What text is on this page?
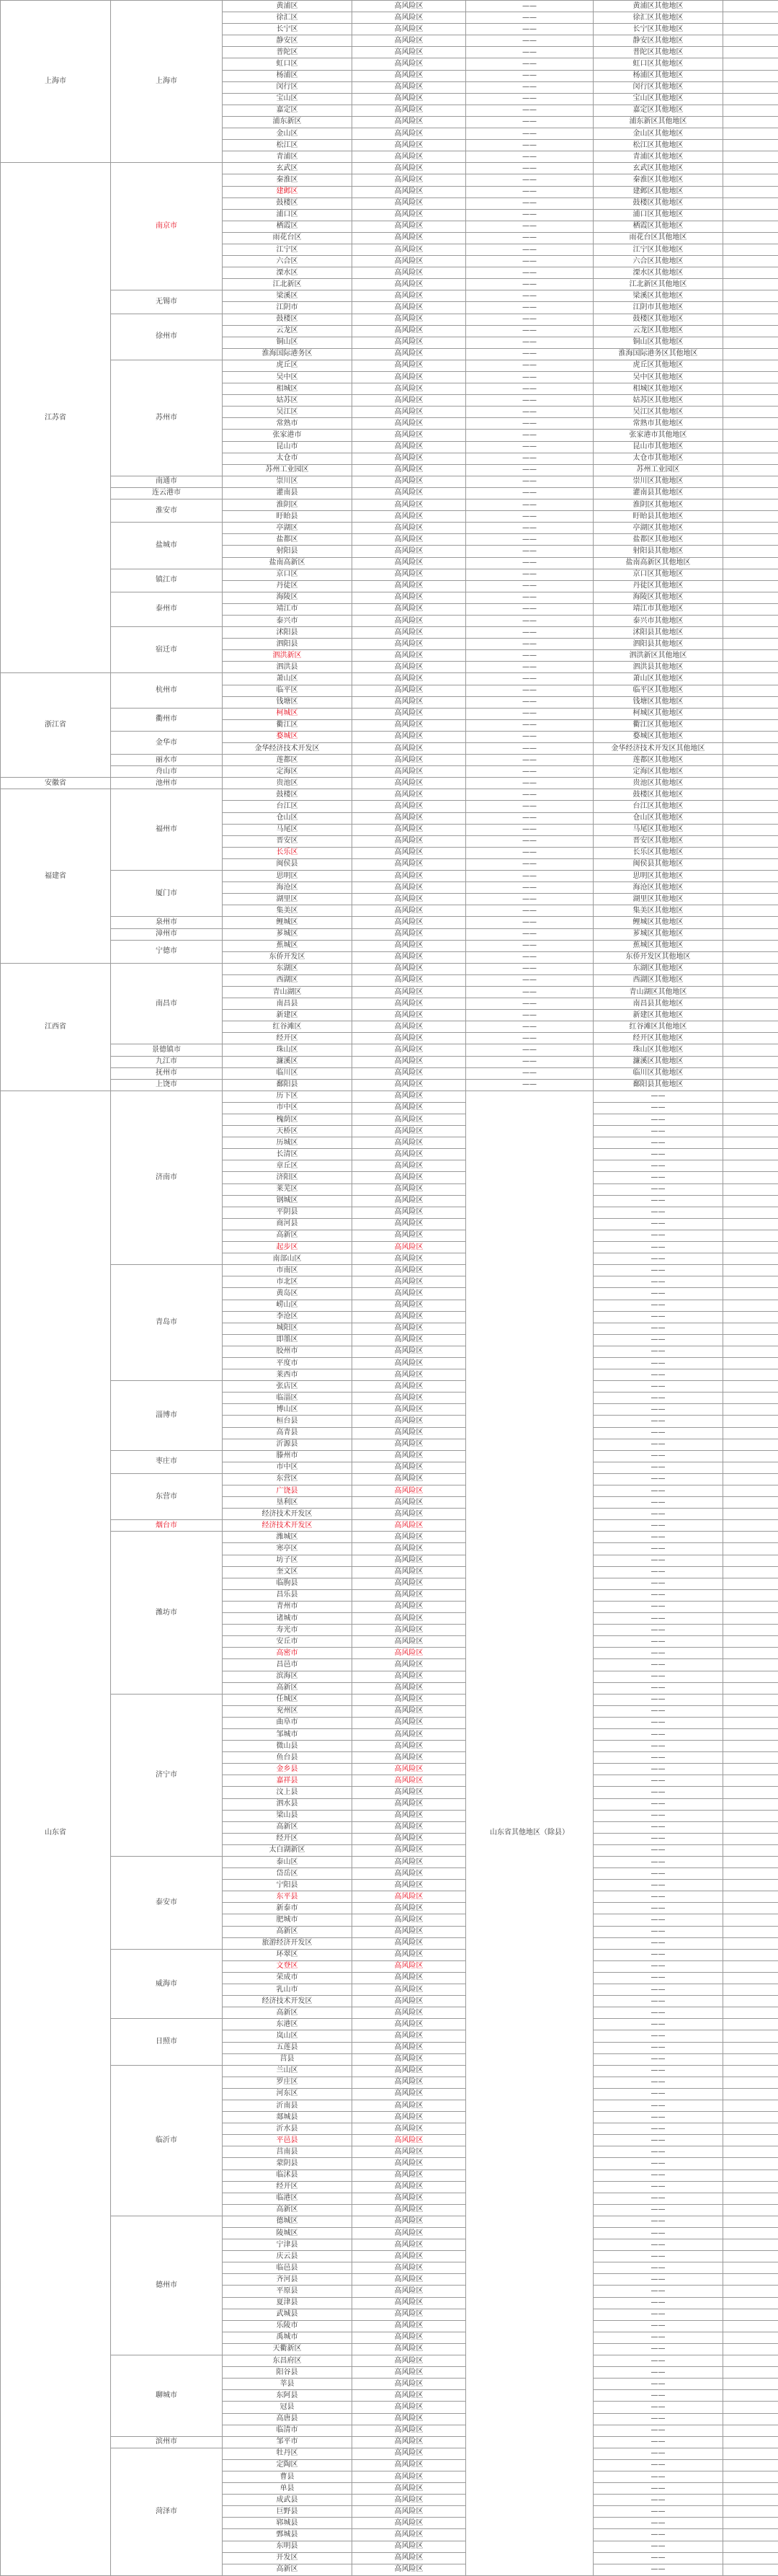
上海市	上海市	黄浦区	高风险区	——	黄浦区其他地区	
		徐汇区	高风险区	——	徐汇区其他地区	
		长宁区	高风险区	——	长宁区其他地区	
		静安区	高风险区	——	静安区其他地区	
		普陀区	高风险区	——	普陀区其他地区	
		虹口区	高风险区	——	虹口区其他地区	
		杨浦区	高风险区	——	杨浦区其他地区	
		闵行区	高风险区	——	闵行区其他地区	
		宝山区	高风险区	——	宝山区其他地区	
		嘉定区	高风险区	——	嘉定区其他地区	
		浦东新区	高风险区	——	浦东新区其他地区	
		金山区	高风险区	——	金山区其他地区	
		松江区	高风险区	——	松江区其他地区	
		青浦区	高风险区	——	青浦区其他地区	
江苏省	南京市	玄武区	高风险区	——	玄武区其他地区	
		秦淮区	高风险区	——	秦淮区其他地区	
		建邺区	高风险区	——	建邺区其他地区	
		鼓楼区	高风险区	——	鼓楼区其他地区	
		浦口区	高风险区	——	浦口区其他地区	
		栖霞区	高风险区	——	栖霞区其他地区	
		雨花台区	高风险区	——	雨花台区其他地区	
		江宁区	高风险区	——	江宁区其他地区	
		六合区	高风险区	——	六合区其他地区	
		溧水区	高风险区	——	溧水区其他地区	
		江北新区	高风险区	——	江北新区其他地区	
	无锡市	梁溪区	高风险区	——	梁溪区其他地区	
		江阴市	高风险区	——	江阴市其他地区	
	徐州市	鼓楼区	高风险区	——	鼓楼区其他地区	
		云龙区	高风险区	——	云龙区其他地区	
		铜山区	高风险区	——	铜山区其他地区	
		淮海国际港务区	高风险区	——	淮海国际港务区其他地区	
	苏州市	虎丘区	高风险区	——	虎丘区其他地区	
		吴中区	高风险区	——	吴中区其他地区	
		相城区	高风险区	——	相城区其他地区	
		姑苏区	高风险区	——	姑苏区其他地区	
		吴江区	高风险区	——	吴江区其他地区	
		常熟市	高风险区	——	常熟市其他地区	
		张家港市	高风险区	——	张家港市其他地区	
		昆山市	高风险区	——	昆山市其他地区	
		太仓市	高风险区	——	太仓市其他地区	
		苏州工业园区	高风险区	——	苏州工业园区	
	南通市	崇川区	高风险区	——	崇川区其他地区	
	连云港市	灌南县	高风险区	——	灌南县其他地区	
	淮安市	淮阴区	高风险区	——	淮阴区其他地区	
		盱眙县	高风险区	——	盱眙县其他地区	
	盐城市	亭湖区	高风险区	——	亭湖区其他地区	
		盐都区	高风险区	——	盐都区其他地区	
		射阳县	高风险区	——	射阳县其他地区	
		盐南高新区	高风险区	——	盐南高新区其他地区	
	镇江市	京口区	高风险区	——	京口区其他地区	
		丹徒区	高风险区	——	丹徒区其他地区	
	泰州市	海陵区	高风险区	——	海陵区其他地区	
		靖江市	高风险区	——	靖江市其他地区	
		泰兴市	高风险区	——	泰兴市其他地区	
	宿迁市	沭阳县	高风险区	——	沭阳县其他地区	
		泗阳县	高风险区	——	泗阳县其他地区	
		泗洪新区	高风险区	——	泗洪新区其他地区	
		泗洪县	高风险区	——	泗洪县其他地区	
浙江省	杭州市	萧山区	高风险区	——	萧山区其他地区	
		临平区	高风险区	——	临平区其他地区	
		钱塘区	高风险区	——	钱塘区其他地区	
	衢州市	柯城区	高风险区	——	柯城区其他地区	
		衢江区	高风险区	——	衢江区其他地区	
	金华市	婺城区	高风险区	——	婺城区其他地区	
		金华经济技术开发区	高风险区	——	金华经济技术开发区其他地区	
	丽水市	莲都区	高风险区	——	莲都区其他地区	
	舟山市	定海区	高风险区	——	定海区其他地区	
安徽省	池州市	贵池区	高风险区	——	贵池区其他地区	
福建省	福州市	鼓楼区	高风险区	——	鼓楼区其他地区	
		台江区	高风险区	——	台江区其他地区	
		仓山区	高风险区	——	仓山区其他地区	
		马尾区	高风险区	——	马尾区其他地区	
		晋安区	高风险区	——	晋安区其他地区	
		长乐区	高风险区	——	长乐区其他地区	
		闽侯县	高风险区	——	闽侯县其他地区	
	厦门市	思明区	高风险区	——	思明区其他地区	
		海沧区	高风险区	——	海沧区其他地区	
		湖里区	高风险区	——	湖里区其他地区	
		集美区	高风险区	——	集美区其他地区	
	泉州市	鲤城区	高风险区	——	鲤城区其他地区	
	漳州市	芗城区	高风险区	——	芗城区其他地区	
	宁德市	蕉城区	高风险区	——	蕉城区其他地区	
		东侨开发区	高风险区	——	东侨开发区其他地区	
江西省	南昌市	东湖区	高风险区	——	东湖区其他地区	
		西湖区	高风险区	——	西湖区其他地区	
		青山湖区	高风险区	——	青山湖区其他地区	
		南昌县	高风险区	——	南昌县其他地区	
		新建区	高风险区	——	新建区其他地区	
		红谷滩区	高风险区	——	红谷滩区其他地区	
		经开区	高风险区	——	经开区其他地区	
	景德镇市	珠山区	高风险区	——	珠山区其他地区	
	九江市	濂溪区	高风险区	——	濂溪区其他地区	
	抚州市	临川区	高风险区	——	临川区其他地区	
	上饶市	鄱阳县	高风险区	——	鄱阳县其他地区	
山东省	济南市	历下区	高风险区	山东省其他地区（除县）	——	
		市中区	高风险区		——	
		槐荫区	高风险区		——	
		天桥区	高风险区		——	
		历城区	高风险区		——	
		长清区	高风险区		——	
		章丘区	高风险区		——	
		济阳区	高风险区		——	
		莱芜区	高风险区		——	
		钢城区	高风险区		——	
		平阴县	高风险区		——	
		商河县	高风险区		——	
		高新区	高风险区		——	
		起步区	高风险区		——	
		南部山区	高风险区		——	
	青岛市	市南区	高风险区		——	
		市北区	高风险区		——	
		黄岛区	高风险区		——	
		崂山区	高风险区		——	
		李沧区	高风险区		——	
		城阳区	高风险区		——	
		即墨区	高风险区		——	
		胶州市	高风险区		——	
		平度市	高风险区		——	
		莱西市	高风险区		——	
	淄博市	张店区	高风险区		——	
		临淄区	高风险区		——	
		博山区	高风险区		——	
		桓台县	高风险区		——	
		高青县	高风险区		——	
		沂源县	高风险区		——	
	枣庄市	滕州市	高风险区		——	
		市中区	高风险区		——	
	东营市	东营区	高风险区		——	
		广饶县	高风险区		——	
		垦利区	高风险区		——	
		经济技术开发区	高风险区		——	
	烟台市	经济技术开发区	高风险区		——	
	潍坊市	潍城区	高风险区		——	
		寒亭区	高风险区		——	
		坊子区	高风险区		——	
		奎文区	高风险区		——	
		临朐县	高风险区		——	
		昌乐县	高风险区		——	
		青州市	高风险区		——	
		诸城市	高风险区		——	
		寿光市	高风险区		——	
		安丘市	高风险区		——	
		高密市	高风险区		——	
		昌邑市	高风险区		——	
		滨海区	高风险区		——	
		高新区	高风险区		——	
	济宁市	任城区	高风险区		——	
		兖州区	高风险区		——	
		曲阜市	高风险区		——	
		邹城市	高风险区		——	
		微山县	高风险区		——	
		鱼台县	高风险区		——	
		金乡县	高风险区		——	
		嘉祥县	高风险区		——	
		汶上县	高风险区		——	
		泗水县	高风险区		——	
		梁山县	高风险区		——	
		高新区	高风险区		——	
		经开区	高风险区		——	
		太白湖新区	高风险区		——	
	泰安市	泰山区	高风险区		——	
		岱岳区	高风险区		——	
		宁阳县	高风险区		——	
		东平县	高风险区		——	
		新泰市	高风险区		——	
		肥城市	高风险区		——	
		高新区	高风险区		——	
		旅游经济开发区	高风险区		——	
	威海市	环翠区	高风险区		——	
		文登区	高风险区		——	
		荣成市	高风险区		——	
		乳山市	高风险区		——	
		经济技术开发区	高风险区		——	
		高新区	高风险区		——	
	日照市	东港区	高风险区		——	
		岚山区	高风险区		——	
		五莲县	高风险区		——	
		莒县	高风险区		——	
	临沂市	兰山区	高风险区		——	
		罗庄区	高风险区		——	
		河东区	高风险区		——	
		沂南县	高风险区		——	
		郯城县	高风险区		——	
		沂水县	高风险区		——	
		平邑县	高风险区		——	
		莒南县	高风险区		——	
		蒙阴县	高风险区		——	
		临沭县	高风险区		——	
		经开区	高风险区		——	
		临港区	高风险区		——	
		高新区	高风险区		——	
	德州市	德城区	高风险区		——	
		陵城区	高风险区		——	
		宁津县	高风险区		——	
		庆云县	高风险区		——	
		临邑县	高风险区		——	
		齐河县	高风险区		——	
		平原县	高风险区		——	
		夏津县	高风险区		——	
		武城县	高风险区		——	
		乐陵市	高风险区		——	
		禹城市	高风险区		——	
		天衢新区	高风险区		——	
	聊城市	东昌府区	高风险区		——	
		阳谷县	高风险区		——	
		莘县	高风险区		——	
		东阿县	高风险区		——	
		冠县	高风险区		——	
		高唐县	高风险区		——	
		临清市	高风险区		——	
	滨州市	邹平市	高风险区		——	
	菏泽市	牡丹区	高风险区		——	
		定陶区	高风险区		——	
		曹县	高风险区		——	
		单县	高风险区		——	
		成武县	高风险区		——	
		巨野县	高风险区		——	
		郓城县	高风险区		——	
		鄄城县	高风险区		——	
		东明县	高风险区		——	
		开发区	高风险区		——	
		高新区	高风险区		——	
